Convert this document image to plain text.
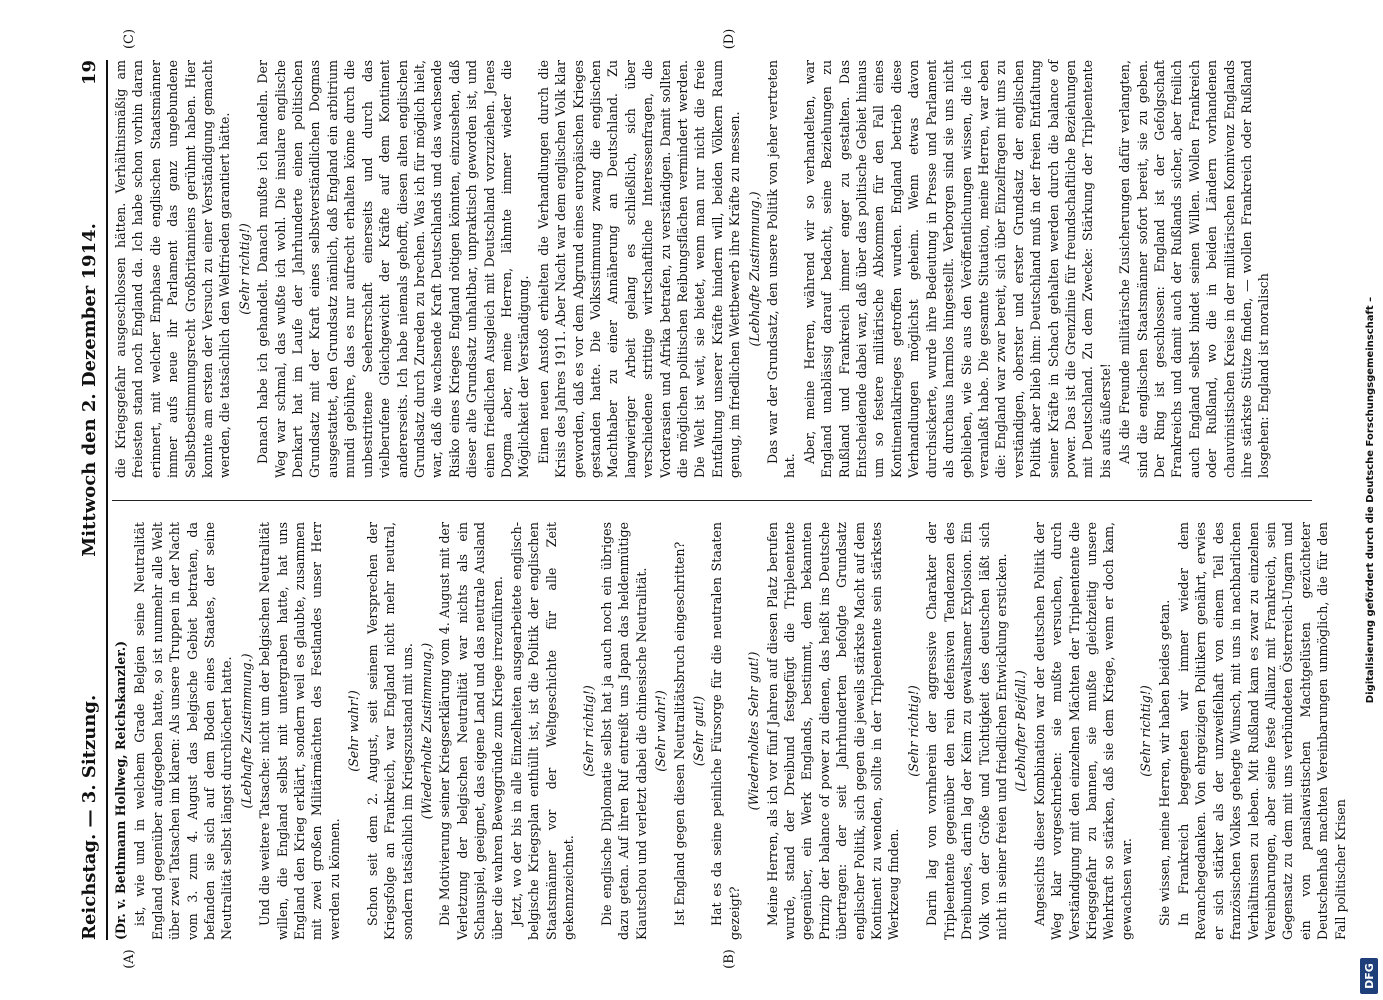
Reichstag. — 3. Sitzung.
Mittwoch den 2. Dezember 1914.
19
(A)	(B)
(C)	(D)

(Dr. v. Bethmann Hollweg, Reichskanzler.) ist, wie und in welchem Grade Belgien seine Neutralität England gegenüber aufgegeben hatte, so ist nunmehr alle Welt über zwei Tatsachen im klaren: Als unsere Truppen in der Nacht vom 3. zum 4. August das belgische Gebiet betraten, da befanden sie sich auf dem Boden eines Staates, der seine Neutralität selbst längst durchlöchert hatte. (Lebhafte Zustimmung.) Und die weitere Tatsache: nicht um der belgischen Neutralität willen, die England selbst mit untergraben hatte, hat uns England den Krieg erklärt, sondern weil es glaubte, zusammen mit zwei großen Militärmächten des Festlandes unser Herr werden zu können.

(Sehr wahr!) Schon seit dem 2. August, seit seinem Versprechen der Kriegsfolge an Frankreich, war England nicht mehr neutral, sondern tatsächlich im Kriegszustand mit uns. (Wiederholte Zustimmung.) Die Motivierung seiner Kriegserklärung vom 4. August mit der Verletzung der belgischen Neutralität war nichts als ein Schauspiel, geeignet, das eigene Land und das neutrale Ausland über die wahren Beweggründe zum Kriege irrezuführen. Jetzt, wo der bis in alle Einzelheiten ausgearbeitete englisch-belgische Kriegsplan enthüllt ist, ist die Politik der englischen Staatsmänner vor der Weltgeschichte für alle Zeit gekennzeichnet.

(Sehr richtig!) Die englische Diplomatie selbst hat ja auch noch ein übriges dazu getan. Auf ihren Ruf entreißt uns Japan das heldenmütige Kiautschou und verletzt dabei die chinesische Neutralität. (Sehr wahr!) Ist England gegen diesen Neutralitätsbruch eingeschritten? (Sehr gut!) Hat es da seine peinliche Fürsorge für die neutralen Staaten gezeigt?

(Wiederholtes Sehr gut!) Meine Herren, als ich vor fünf Jahren auf diesen Platz berufen wurde, stand der Dreibund festgefügt die Tripleentente gegenüber, ein Werk Englands, bestimmt, dem bekannten Prinzip der balance of power zu dienen, das heißt ins Deutsche übertragen: der seit Jahrhunderten befolgte Grundsatz englischer Politik, sich gegen die jeweils stärkste Macht auf dem Kontinent zu wenden, sollte in der Tripleentente sein stärkstes Werkzeug finden.

(Sehr richtig!) Darin lag von vornherein der aggressive Charakter der Tripleentente gegenüber den rein defensiven Tendenzen des Dreibundes, darin lag der Keim zu gewaltsamer Explosion. Ein Volk von der Größe und Tüchtigkeit des deutschen läßt sich nicht in seiner freien und friedlichen Entwicklung ersticken. (Lebhafter Beifall.) Angesichts dieser Kombination war der deutschen Politik der Weg klar vorgeschrieben: sie mußte versuchen, durch Verständigung mit den einzelnen Mächten der Tripleentente die Kriegsgefahr zu bannen, sie mußte gleichzeitig unsere Wehrkraft so stärken, daß sie dem Kriege, wenn er doch kam, gewachsen war.

(Sehr richtig!) Sie wissen, meine Herren, wir haben beides getan. In Frankreich begegneten wir immer wieder dem Revanchegedanken. Von ehrgeizigen Politikern genährt, erwies er sich stärker als der unzweifelhaft von einem Teil des französischen Volkes gehegte Wunsch, mit uns in nachbarlichen Verhältnissen zu leben. Mit Rußland kam es zwar zu einzelnen Vereinbarungen, aber seine feste Allianz mit Frankreich, sein Gegensatz zu dem mit uns verbündeten Österreich-Ungarn und ein von panslawistischen Machtgelüsten gezüchteter Deutschenhaß machten Vereinbarungen unmöglich, die für den Fall politischer Krisen

die Kriegsgefahr ausgeschlossen hätten. Verhältnismäßig am freiesten stand noch England da. Ich habe schon vorhin daran erinnert, mit welcher Emphase die englischen Staatsmänner immer aufs neue ihr Parlament das ganz ungebundene Selbstbestimmungsrecht Großbritanniens gerühmt haben. Hier konnte am ersten der Versuch zu einer Verständigung gemacht werden, die tatsächlich den Weltfrieden garantiert hätte. (Sehr richtig!) Danach habe ich gehandelt. Danach mußte ich handeln. Der Weg war schmal, das wußte ich wohl. Die insulare englische Denkart hat im Laufe der Jahrhunderte einen politischen Grundsatz mit der Kraft eines selbstverständlichen Dogmas ausgestattet, den Grundsatz nämlich, daß England ein arbitrium mundi gebühre, das es nur aufrecht erhalten könne durch die unbestrittene Seeherrschaft einerseits und durch das vielberufene Gleichgewicht der Kräfte auf dem Kontinent andererseits. Ich habe niemals gehofft, diesen alten englischen Grundsatz durch Zureden zu brechen. Was ich für möglich hielt, war, daß die wachsende Kraft Deutschlands und das wachsende Risiko eines Krieges England nötigen könnten, einzusehen, daß dieser alte Grundsatz unhaltbar, unpraktisch geworden ist, und einen friedlichen Ausgleich mit Deutschland vorzuziehen. Jenes Dogma aber, meine Herren, lähmte immer wieder die Möglichkeit der Verständigung. Einen neuen Anstoß erhielten die Verhandlungen durch die Krisis des Jahres 1911. Aber Nacht war dem englischen Volk klar geworden, daß es vor dem Abgrund eines europäischen Krieges gestanden hatte. Die Volksstimmung zwang die englischen Machthaber zu einer Annäherung an Deutschland. Zu langwieriger Arbeit gelang es schließlich, sich über verschiedene strittige wirtschaftliche Interessenfragen, die Vorderasien und Afrika betrafen, zu verständigen. Damit sollten die möglichen politischen Reibungsflächen vermindert werden. Die Welt ist weit, sie bietet, wenn man nur nicht die freie Entfaltung unserer Kräfte hindern will, beiden Völkern Raum genug, im friedlichen Wettbewerb ihre Kräfte zu messen. (Lebhafte Zustimmung.) Das war der Grundsatz, den unsere Politik von jeher vertreten hat.

Aber, meine Herren, während wir so verhandelten, war England unablässig darauf bedacht, seine Beziehungen zu Rußland und Frankreich immer enger zu gestalten. Das Entscheidende dabei war, daß über das politische Gebiet hinaus um so festere militärische Abkommen für den Fall eines Kontinentalkrieges getroffen wurden. England betrieb diese Verhandlungen möglichst geheim. Wenn etwas davon durchsickerte, wurde ihre Bedeutung in Presse und Parlament als durchaus harmlos hingestellt. Verborgen sind sie uns nicht geblieben, wie Sie aus den Veröffentlichungen wissen, die ich veranlaßt habe. Die gesamte Situation, meine Herren, war eben die: England war zwar bereit, sich über Einzelfragen mit uns zu verständigen, oberster und erster Grundsatz der englischen Politik aber blieb ihm: Deutschland muß in der freien Entfaltung seiner Kräfte in Schach gehalten werden durch die balance of power. Das ist die Grenzlinie für freundschaftliche Beziehungen mit Deutschland. Zu dem Zwecke: Stärkung der Tripleentente bis aufs äußerste! Als die Freunde militärische Zusicherungen dafür verlangten, sind die englischen Staatsmänner sofort bereit, sie zu geben. Der Ring ist geschlossen: England ist der Gefolgschaft Frankreichs und damit auch der Rußlands sicher, aber freilich auch England selbst bindet seinen Willen. Wollen Frankreich oder Rußland, wo die in beiden Ländern vorhandenen chauvinistischen Kreise in der militärischen Konnivenz Englands ihre stärkste Stütze finden, — wollen Frankreich oder Rußland losgehen: England ist moralisch

DFG
Digitalisierung gefördert durch die Deutsche Forschungsgemeinschaft –
